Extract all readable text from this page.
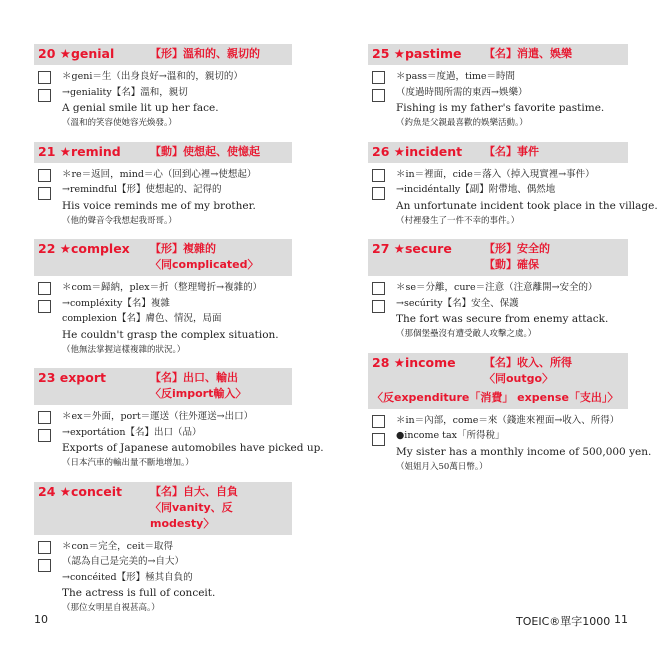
20 ★genial	【形】溫和的、親切的
＊geni＝生（出身良好→溫和的，親切的）
→geniality【名】溫和，親切
A genial smile lit up her face.
（溫和的笑容使她容光煥發。）
21 ★remind	【動】使想起、使憶起
＊re＝返回，mind＝心（回到心裡→使想起）
→remindful【形】使想起的、記得的
His voice reminds me of my brother.
（他的聲音令我想起我哥哥。）
22 ★complex	【形】複雜的
〈同complicated〉
＊com＝歸納，plex＝折（整理彎折→複雜的）
→compléxity【名】複雜
complexion【名】膚色、情況，局面
He couldn't grasp the complex situation.
（他無法掌握這樣複雜的狀況。）
23 export	【名】出口、輸出
〈反import輸入〉
＊ex＝外面，port＝運送（往外運送→出口）
→exportátion【名】出口（品）
Exports of Japanese automobiles have picked up.
（日本汽車的輸出量不斷地增加。）
24 ★conceit	【名】自大、自負
〈同vanity、反modesty〉
＊con＝完全，ceit＝取得
（認為自己是完美的→自大）
→concéited【形】極其自負的
The actress is full of conceit.
（那位女明星自視甚高。）
25 ★pastime	【名】消遣、娛樂
＊pass＝度過，time＝時間
（度過時間所需的東西→娛樂）
Fishing is my father's favorite pastime.
（釣魚是父親最喜歡的娛樂活動。）
26 ★incident	【名】事件
＊in＝裡面，cide＝落入（掉入現實裡→事件）
→incidéntally【副】附帶地、偶然地
An unfortunate incident took place in the village.
（村裡發生了一件不幸的事件。）
27 ★secure	【形】安全的
【動】確保
＊se＝分離，cure＝注意（注意離開→安全的）
→secúrity【名】安全、保護
The fort was secure from enemy attack.
（那個堡壘沒有遭受敵人攻擊之虞。）
28 ★income	【名】收入、所得
〈同outgo〉
〈反expenditure「消費」 expense「支出」〉
＊in＝內部，come＝來（錢進來裡面→收入、所得）
●income tax「所得稅」
My sister has a monthly income of 500,000 yen.
（姐姐月入50萬日幣。）
10	TOEIC®單字1000 11
